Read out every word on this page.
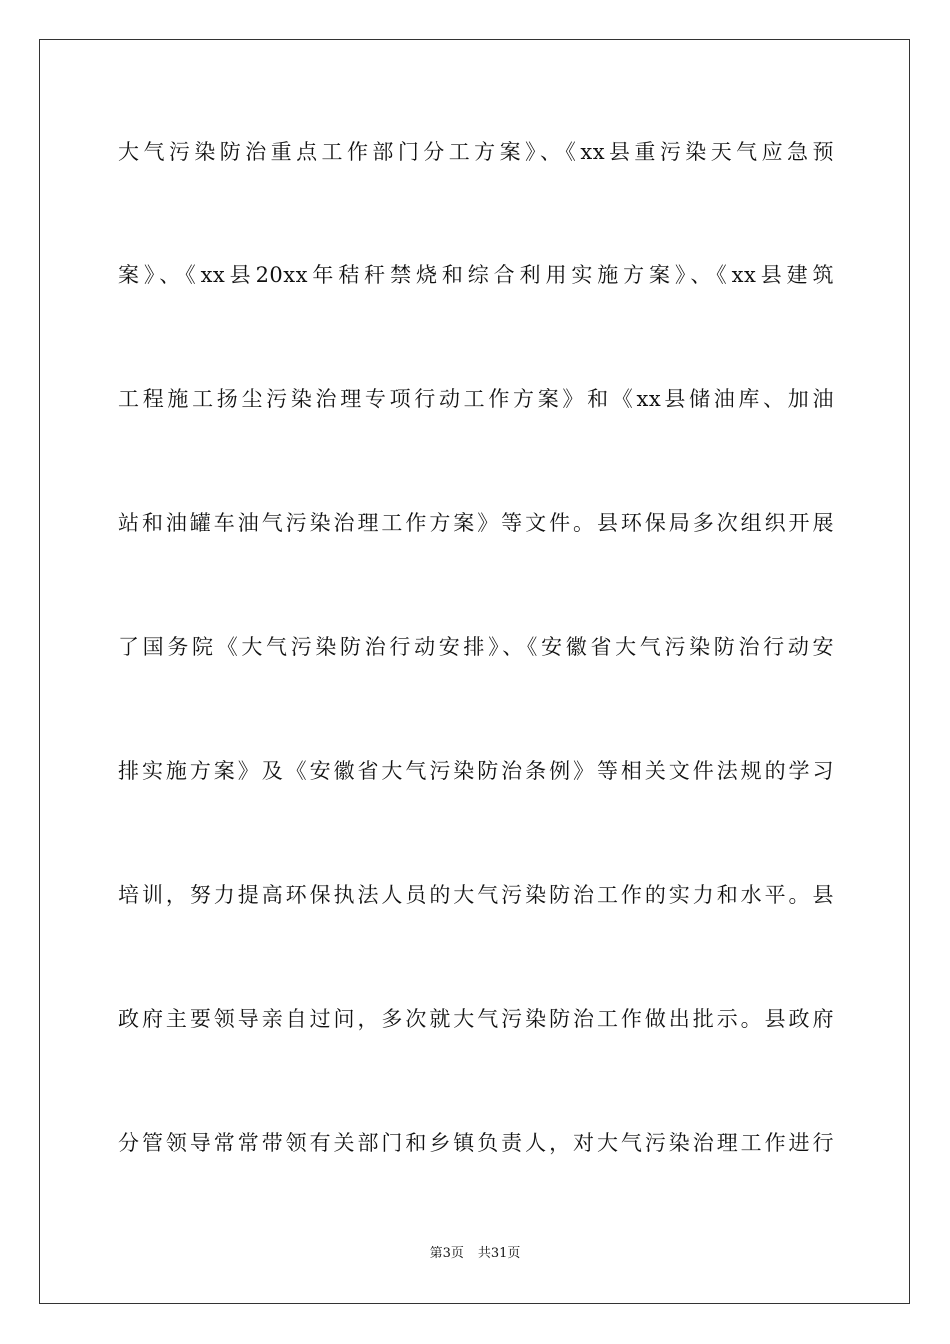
大气污染防治重点工作部门分工方案》、《xx县重污染天气应急预
案》、《xx县20xx年秸秆禁烧和综合利用实施方案》、《xx县建筑
工程施工扬尘污染治理专项行动工作方案》和《xx县储油库、加油
站和油罐车油气污染治理工作方案》等文件。县环保局多次组织开展
了国务院《大气污染防治行动安排》、《安徽省大气污染防治行动安
排实施方案》及《安徽省大气污染防治条例》等相关文件法规的学习
培训，努力提高环保执法人员的大气污染防治工作的实力和水平。县
政府主要领导亲自过问，多次就大气污染防治工作做出批示。县政府
分管领导常常带领有关部门和乡镇负责人，对大气污染治理工作进行
第3页 共31页
